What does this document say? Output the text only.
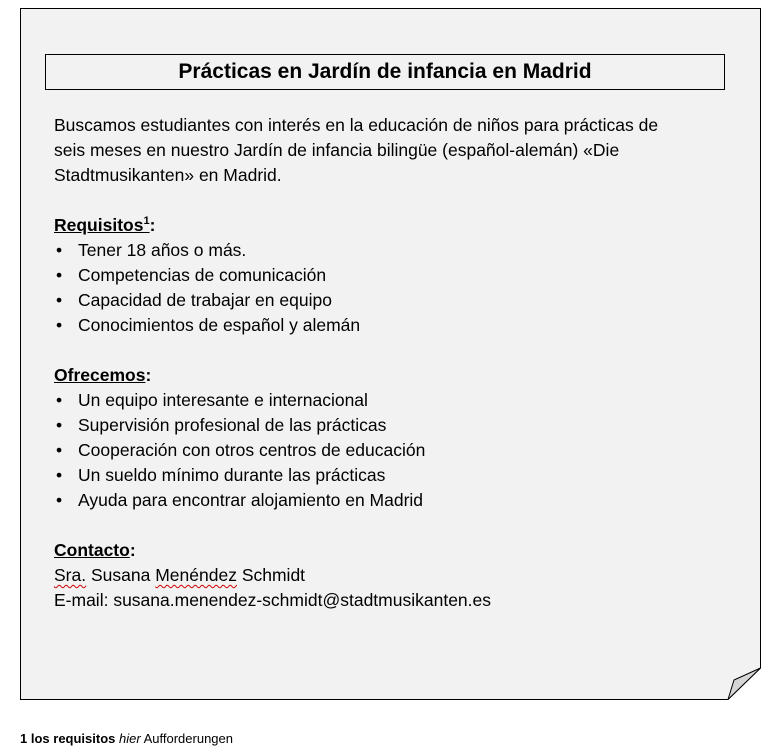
Prácticas en Jardín de infancia en Madrid

Buscamos estudiantes con interés en la educación de niños para prácticas de

seis meses en nuestro Jardín de infancia bilingüe (español-alemán) «Die

Stadtmusikanten» en Madrid.

Requisitos$^1$:

• Tener 18 años o más.
• Competencias de comunicación
• Capacidad de trabajar en equipo
• Conocimientos de español y alemán

Ofrecemos:

• Un equipo interesante e internacional
• Supervisión profesional de las prácticas
• Cooperación con otros centros de educación
• Un sueldo mínimo durante las prácticas
• Ayuda para encontrar alojamiento en Madrid

Contacto:

Sra. Susana Menéndez Schmidt

E-mail: susana.menendez-schmidt@stadtmusikanten.es

1 los requisitos hier Aufforderungen
